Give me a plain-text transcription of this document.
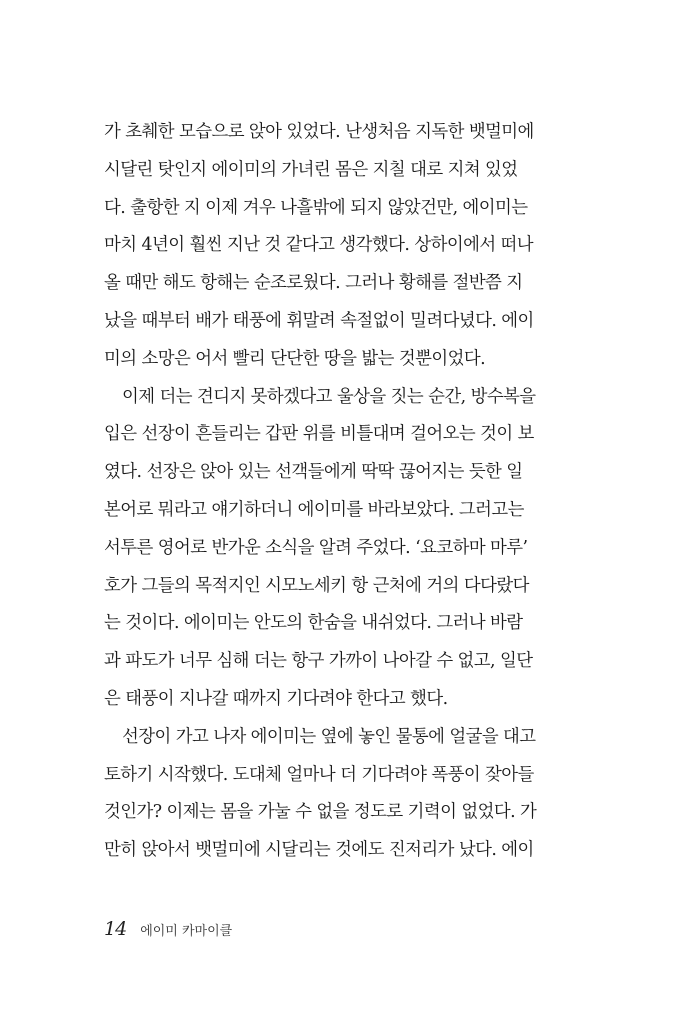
가 초췌한 모습으로 앉아 있었다. 난생처음 지독한 뱃멀미에
시달린 탓인지 에이미의 가녀린 몸은 지칠 대로 지쳐 있었
다. 출항한 지 이제 겨우 나흘밖에 되지 않았건만, 에이미는
마치 4년이 훨씬 지난 것 같다고 생각했다. 상하이에서 떠나
올 때만 해도 항해는 순조로웠다. 그러나 황해를 절반쯤 지
났을 때부터 배가 태풍에 휘말려 속절없이 밀려다녔다. 에이
미의 소망은 어서 빨리 단단한 땅을 밟는 것뿐이었다.
이제 더는 견디지 못하겠다고 울상을 짓는 순간, 방수복을
입은 선장이 흔들리는 갑판 위를 비틀대며 걸어오는 것이 보
였다. 선장은 앉아 있는 선객들에게 딱딱 끊어지는 듯한 일
본어로 뭐라고 얘기하더니 에이미를 바라보았다. 그러고는
서투른 영어로 반가운 소식을 알려 주었다. ‘요코하마 마루’
호가 그들의 목적지인 시모노세키 항 근처에 거의 다다랐다
는 것이다. 에이미는 안도의 한숨을 내쉬었다. 그러나 바람
과 파도가 너무 심해 더는 항구 가까이 나아갈 수 없고, 일단
은 태풍이 지나갈 때까지 기다려야 한다고 했다.
선장이 가고 나자 에이미는 옆에 놓인 물통에 얼굴을 대고
토하기 시작했다. 도대체 얼마나 더 기다려야 폭풍이 잦아들
것인가? 이제는 몸을 가눌 수 없을 정도로 기력이 없었다. 가
만히 앉아서 뱃멀미에 시달리는 것에도 진저리가 났다. 에이
14 에이미 카마이클
